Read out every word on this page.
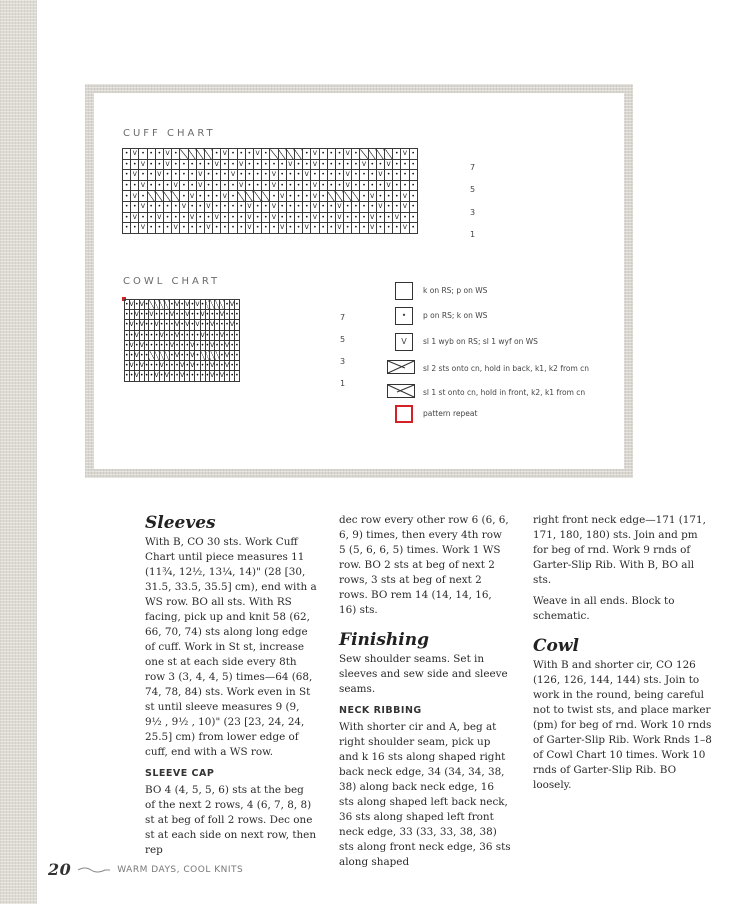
CUFF CHART
•	V	•	•	•	V	•					•	V	•	•	•	V	•					•	V	•	•	•	V	•					•	V	•
•	•	V	•	•	V	•	•	•	•	•	V	•	•	V	•	•	•	•	•	V	•	•	V	•	•	•	•	•	V	•	•	V	•	•	•
•	V	•	•	V	•	•	•	•	V	•	•	•	V	•	•	•	•	V	•	•	•	V	•	•	•	•	V	•	•	•	V	•	•	•	•
•	•	V	•	•	•	V	•	•	V	•	•	•	•	V	•	•	•	V	•	•	•	•	V	•	•	•	V	•	•	•	•	V	•	•	•
•	V	•					•	V	•	•	•	V	•					•	V	•	•	•	V	•					•	V	•	•	•	V	•
•	•	V	•	•	•	•	V	•	•	V	•	•	•	•	V	•	•	V	•	•	•	•	V	•	•	V	•	•	•	•	V	•	•	V	•
•	V	•	•	V	•	•	•	V	•	•	V	•	•	•	V	•	•	V	•	•	•	•	V	•	•	V	•	•	•	V	•	•	V	•	•
•	•	V	•	•	•	V	•	•	•	V	•	•	•	•	V	•	•	•	V	•	•	V	•	•	•	V	•	•	•	V	•	•	•	V	•
7
5
3
1
COWL CHART
•	V	•	V	•					•	V	•	V	•	V	•					•	V	•
•	•	V	•	•	V	•	•	•	V	•	•	V	•	•	V	•	•	•	V	•	•	•
•	V	•	V	•	•	V	•	•	•	V	•	V	•	V	•	•	V	•	•	•	V	•
•	•	V	•	•	•	•	V	•	•	V	•	•	•	•	V	•	•	•	V	•	•	•
•	V	•	V	•	•	•	•	•	V	•	•	•	V	•	•	•	V	•	•	V	•	•
•	•	V	•	•					•	V	•	•	V	•					•	V	•	•
•	V	•	V	•	•	•	V	•	•	•	V	•	V	•	•	•	V	•	•	V	•	•
•	•	V	•	•	•	V	•	V	•	•	V	•	•	•	•	•	V	•	V	•	•	•
7
5
3
1
k on RS; p on WS
•	p on RS; k on WS
V	sl 1 wyb on RS; sl 1 wyf on WS
sl 2 sts onto cn, hold in back, k1, k2 from cn
sl 1 st onto cn, hold in front, k2, k1 from cn
pattern repeat
Sleeves

With B, CO 30 sts. Work Cuff Chart until piece measures 11 (11¾, 12½, 13¼, 14)" (28 [30, 31.5, 33.5, 35.5] cm), end with a WS row. BO all sts. With RS facing, pick up and knit 58 (62, 66, 70, 74) sts along long edge of cuff. Work in St st, increase one st at each side every 8th row 3 (3, 4, 4, 5) times—64 (68, 74, 78, 84) sts. Work even in St st until sleeve measures 9 (9, 9½ , 9½ , 10)" (23 [23, 24, 24, 25.5] cm) from lower edge of cuff, end with a WS row.

SLEEVE CAP

BO 4 (4, 5, 5, 6) sts at the beg of the next 2 rows, 4 (6, 7, 8, 8) st at beg of foll 2 rows. Dec one st at each side on next row, then rep

dec row every other row 6 (6, 6, 6, 9) times, then every 4th row 5 (5, 6, 6, 5) times. Work 1 WS row. BO 2 sts at beg of next 2 rows, 3 sts at beg of next 2 rows. BO rem 14 (14, 14, 16, 16) sts.

Finishing

Sew shoulder seams. Set in sleeves and sew side and sleeve seams.

NECK RIBBING

With shorter cir and A, beg at right shoulder seam, pick up and k 16 sts along shaped right back neck edge, 34 (34, 34, 38, 38) along back neck edge, 16 sts along shaped left back neck, 36 sts along shaped left front neck edge, 33 (33, 33, 38, 38) sts along front neck edge, 36 sts along shaped

right front neck edge—171 (171, 171, 180, 180) sts. Join and pm for beg of rnd. Work 9 rnds of Garter-Slip Rib. With B, BO all sts.

Weave in all ends. Block to schematic.

Cowl

With B and shorter cir, CO 126 (126, 126, 144, 144) sts. Join to work in the round, being careful not to twist sts, and place marker (pm) for beg of rnd. Work 10 rnds of Garter-Slip Rib. Work Rnds 1–8 of Cowl Chart 10 times. Work 10 rnds of Garter-Slip Rib. BO loosely.

20	WARM DAYS, COOL KNITS
